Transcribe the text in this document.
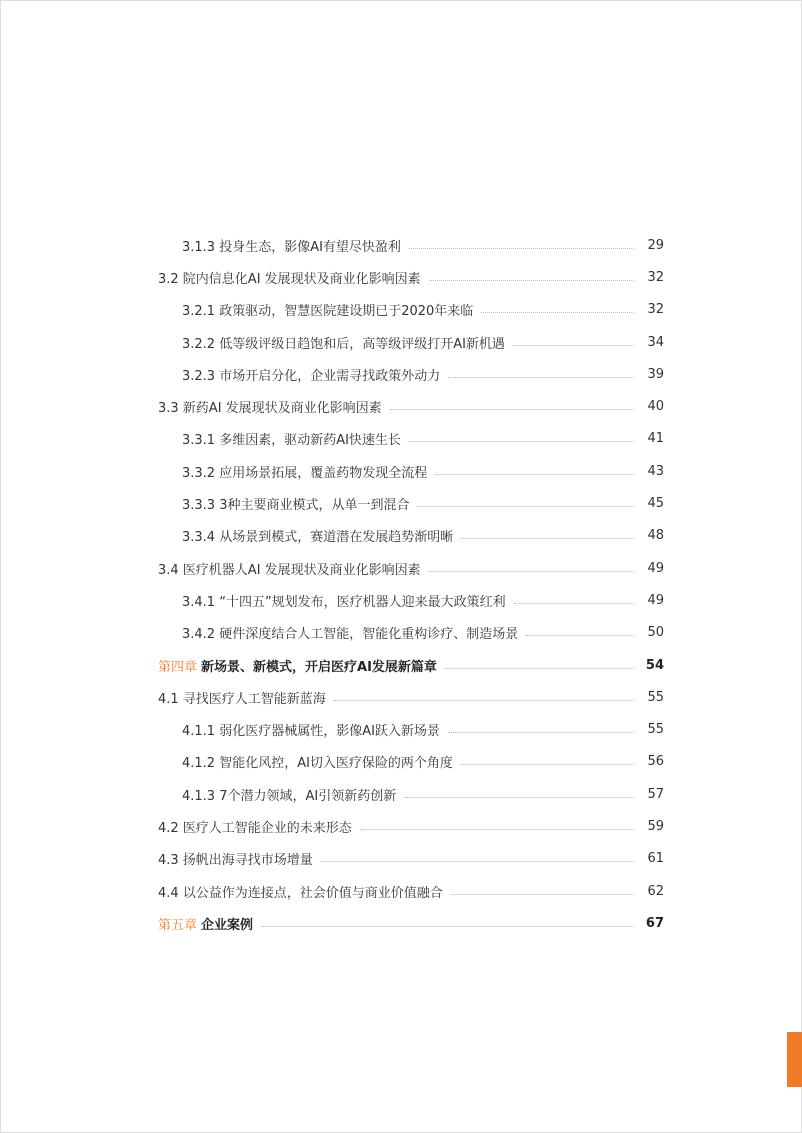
3.1.3 投身生态，影像AI有望尽快盈利	29
3.2 院内信息化AI 发展现状及商业化影响因素	32
3.2.1 政策驱动，智慧医院建设期已于2020年来临	32
3.2.2 低等级评级日趋饱和后，高等级评级打开AI新机遇	34
3.2.3 市场开启分化，企业需寻找政策外动力	39
3.3 新药AI 发展现状及商业化影响因素	40
3.3.1 多维因素，驱动新药AI快速生长	41
3.3.2 应用场景拓展，覆盖药物发现全流程	43
3.3.3 3种主要商业模式，从单一到混合	45
3.3.4 从场景到模式，赛道潜在发展趋势渐明晰	48
3.4 医疗机器人AI 发展现状及商业化影响因素	49
3.4.1 “十四五”规划发布，医疗机器人迎来最大政策红利	49
3.4.2 硬件深度结合人工智能，智能化重构诊疗、制造场景	50
第四章 新场景、新模式，开启医疗AI发展新篇章	54
4.1 寻找医疗人工智能新蓝海	55
4.1.1 弱化医疗器械属性，影像AI跃入新场景	55
4.1.2 智能化风控，AI切入医疗保险的两个角度	56
4.1.3 7个潜力领域，AI引领新药创新	57
4.2 医疗人工智能企业的未来形态	59
4.3 扬帆出海寻找市场增量	61
4.4 以公益作为连接点，社会价值与商业价值融合	62
第五章 企业案例	67
